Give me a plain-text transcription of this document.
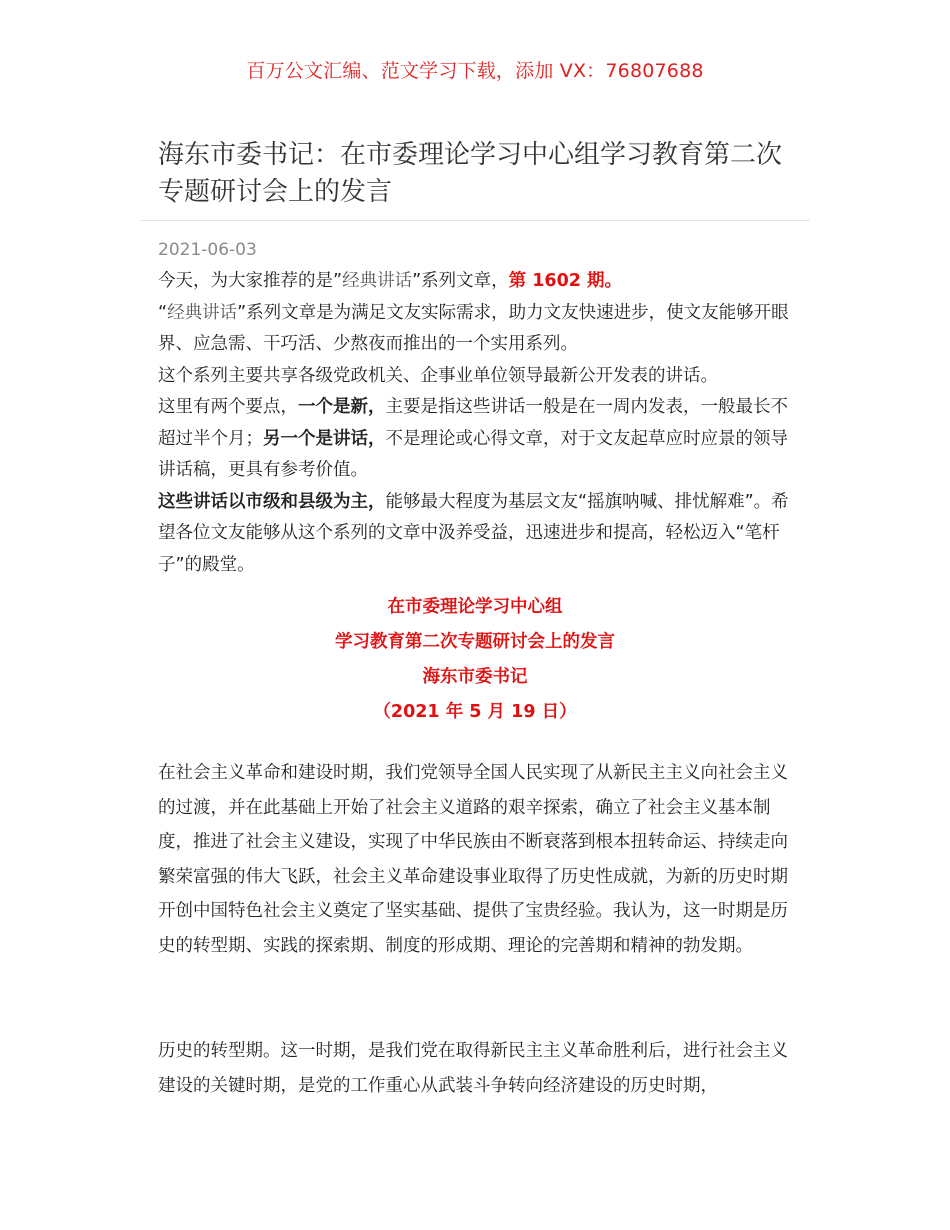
百万公文汇编、范文学习下载，添加 VX：76807688
海东市委书记：在市委理论学习中心组学习教育第二次专题研讨会上的发言
2021-06-03

今天，为大家推荐的是”经典讲话”系列文章，第 1602 期。

“经典讲话”系列文章是为满足文友实际需求，助力文友快速进步，使文友能够开眼界、应急需、干巧活、少熬夜而推出的一个实用系列。

这个系列主要共享各级党政机关、企事业单位领导最新公开发表的讲话。

这里有两个要点，一个是新，主要是指这些讲话一般是在一周内发表，一般最长不超过半个月；另一个是讲话，不是理论或心得文章，对于文友起草应时应景的领导讲话稿，更具有参考价值。

这些讲话以市级和县级为主，能够最大程度为基层文友“摇旗呐喊、排忧解难”。希望各位文友能够从这个系列的文章中汲养受益，迅速进步和提高，轻松迈入“笔杆子”的殿堂。

在市委理论学习中心组
学习教育第二次专题研讨会上的发言
海东市委书记
（2021 年 5 月 19 日）

在社会主义革命和建设时期，我们党领导全国人民实现了从新民主主义向社会主义的过渡，并在此基础上开始了社会主义道路的艰辛探索，确立了社会主义基本制度，推进了社会主义建设，实现了中华民族由不断衰落到根本扭转命运、持续走向繁荣富强的伟大飞跃，社会主义革命建设事业取得了历史性成就，为新的历史时期开创中国特色社会主义奠定了坚实基础、提供了宝贵经验。我认为，这一时期是历史的转型期、实践的探索期、制度的形成期、理论的完善期和精神的勃发期。

历史的转型期。这一时期，是我们党在取得新民主主义革命胜利后，进行社会主义建设的关键时期，是党的工作重心从武装斗争转向经济建设的历史时期，
